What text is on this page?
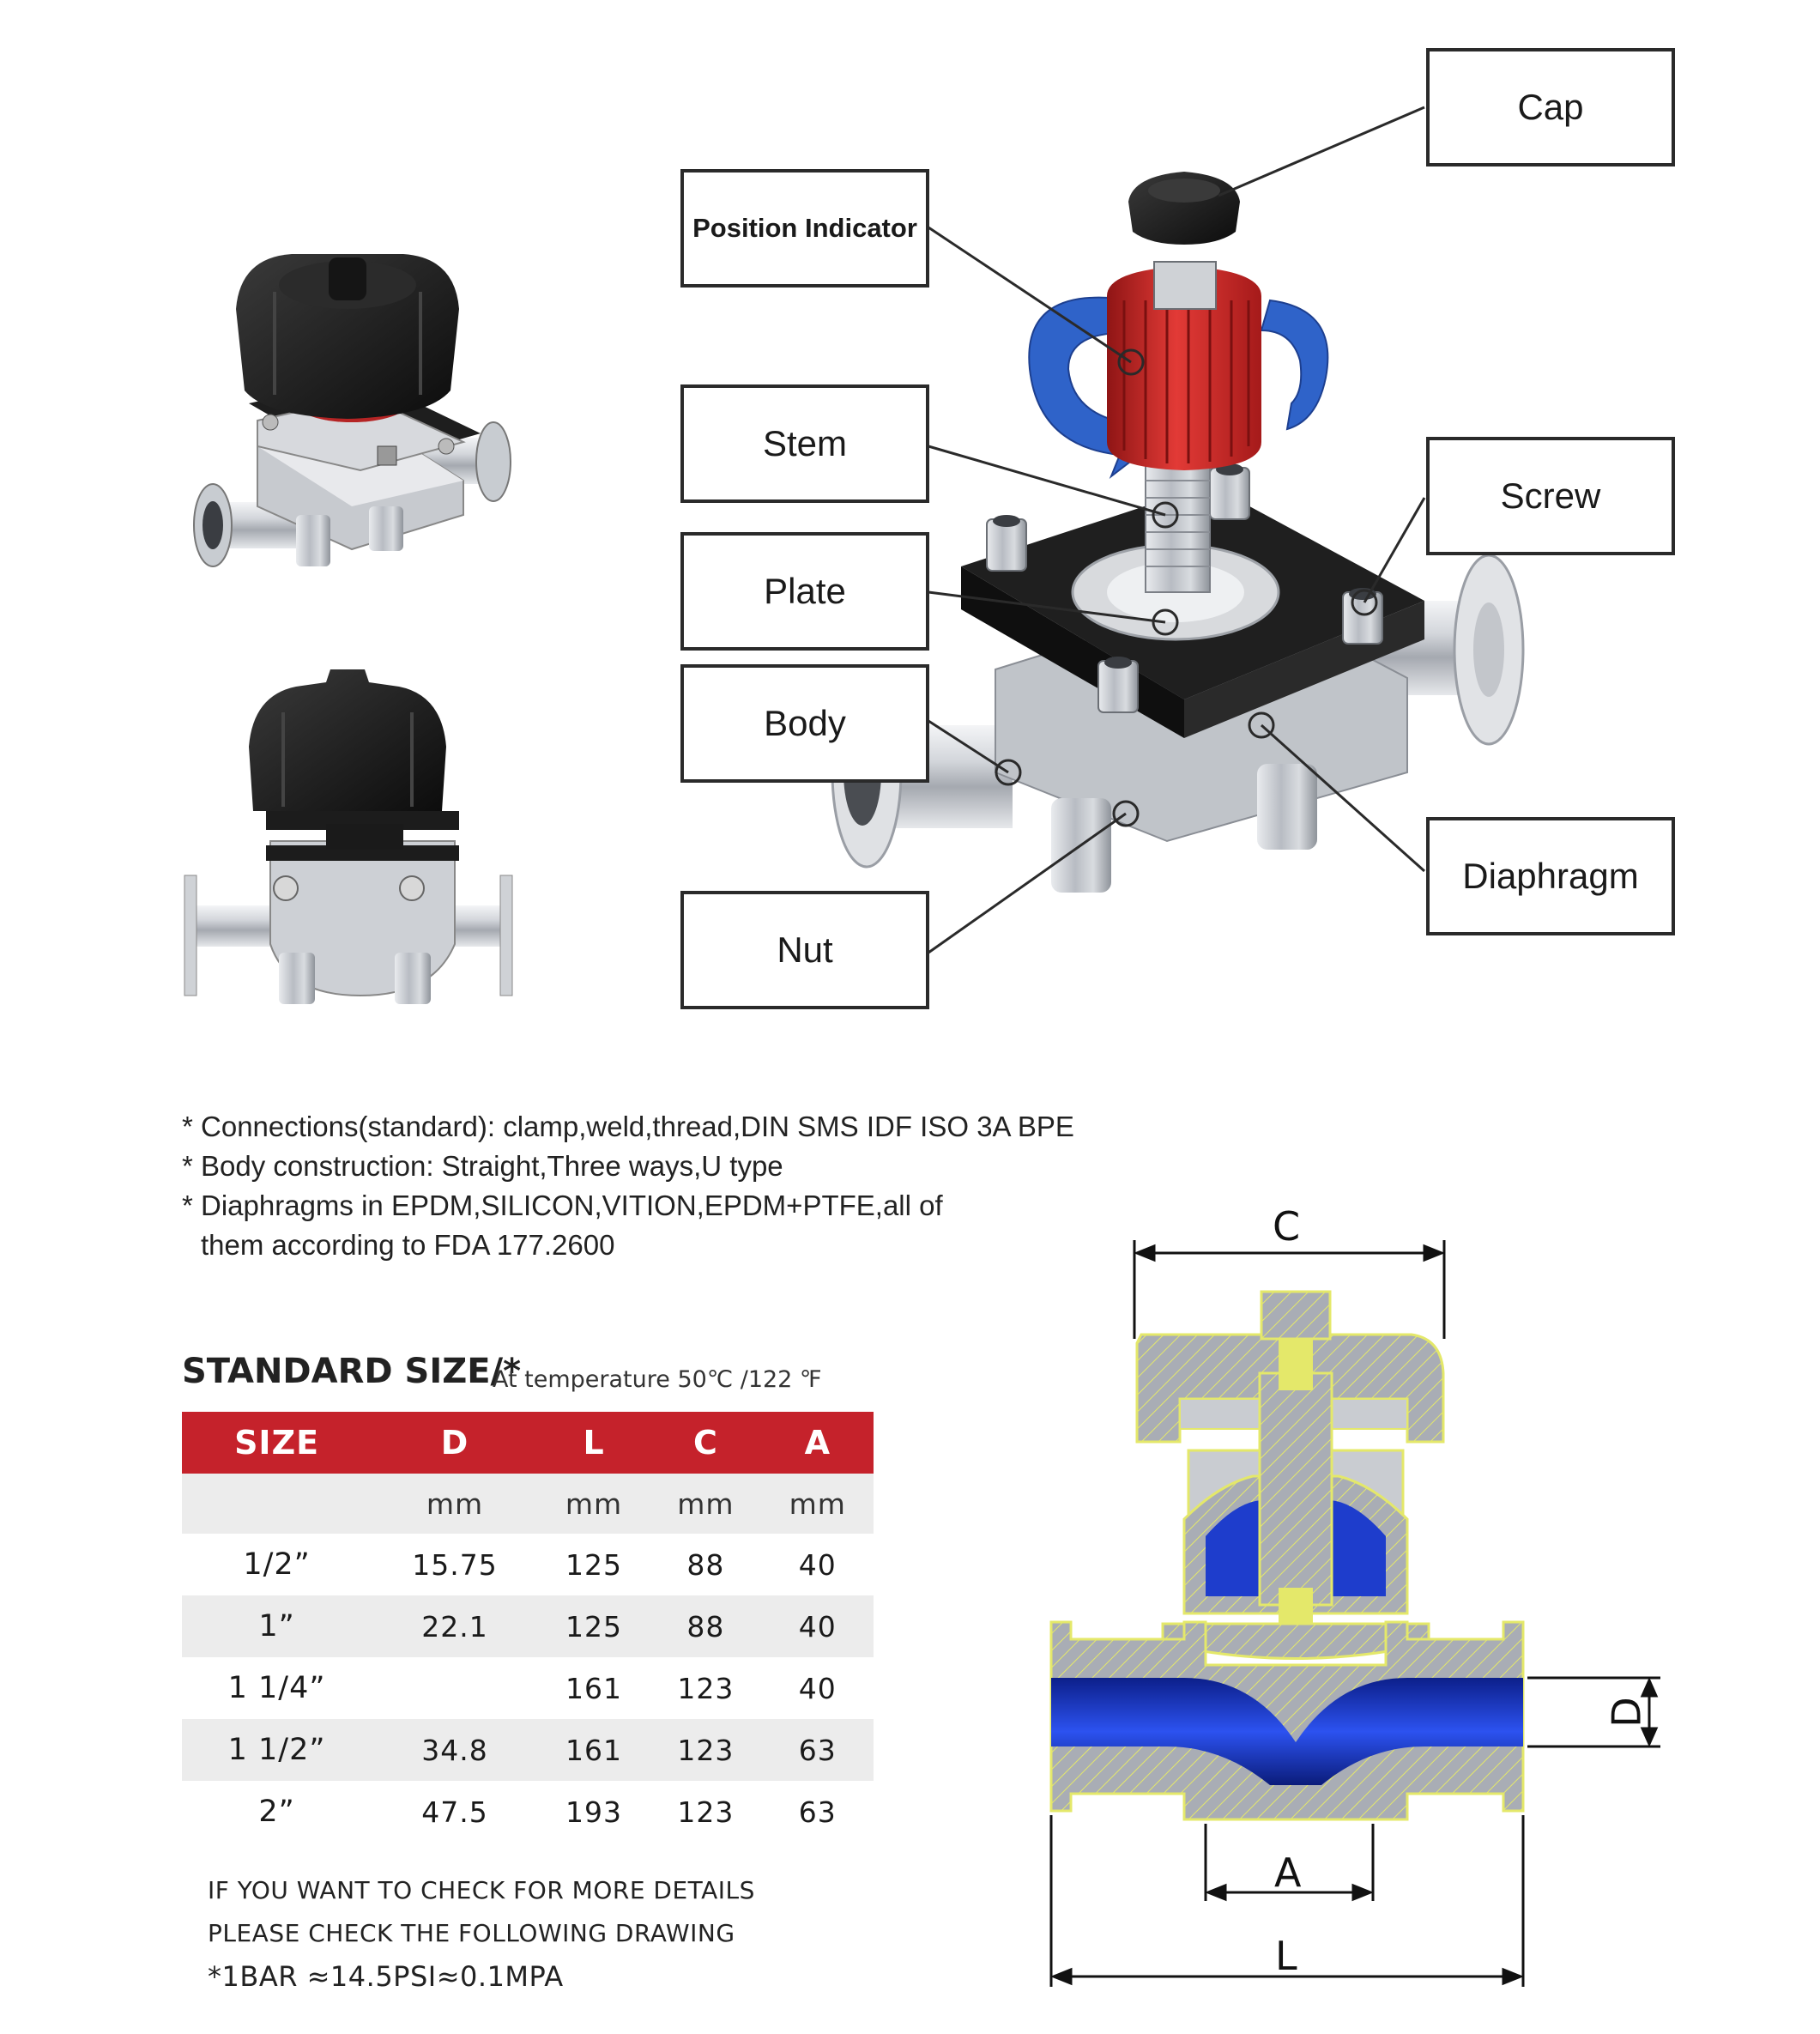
Cap
Position Indicator
Stem
Screw
Plate
Body
Diaphragm
Nut
* Connections(standard): clamp,weld,thread,DIN SMS IDF ISO 3A BPE
* Body construction: Straight,Three ways,U type
* Diaphragms in EPDM,SILICON,VITION,EPDM+PTFE,all of
them according to FDA 177.2600
STANDARD SIZE/*
At temperature 50℃ /122 ℉
SIZE	D	L	C	A
	mm	mm	mm	mm
1/2”	15.75	125	88	40
1”	22.1	125	88	40
1 1/4”		161	123	40
1 1/2”	34.8	161	123	63
2”	47.5	193	123	63
IF YOU WANT TO CHECK FOR MORE DETAILS
PLEASE CHECK THE FOLLOWING DRAWING
*1BAR ≈14.5PSI≈0.1MPA
C
D
A
L
